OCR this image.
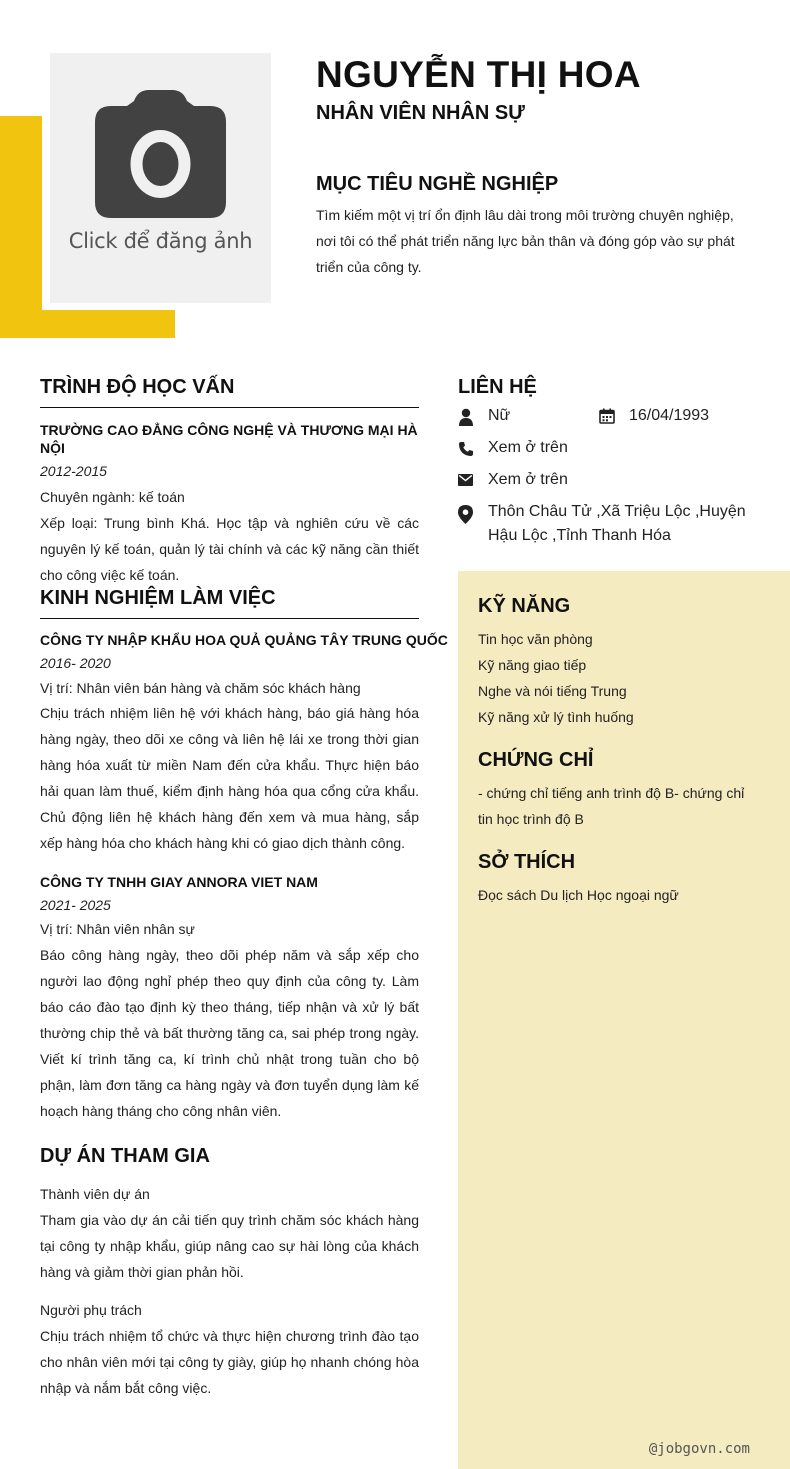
Click để đăng ảnh
NGUYỄN THỊ HOA
NHÂN VIÊN NHÂN SỰ
MỤC TIÊU NGHỀ NGHIỆP
Tìm kiếm một vị trí ổn định lâu dài trong môi trường chuyên nghiệp, nơi tôi có thể phát triển năng lực bản thân và đóng góp vào sự phát triển của công ty.
TRÌNH ĐỘ HỌC VẤN
TRƯỜNG CAO ĐẲNG CÔNG NGHỆ VÀ THƯƠNG MẠI HÀ NỘI
2012-2015
Chuyên ngành: kế toán
Xếp loại: Trung bình Khá. Học tập và nghiên cứu về các nguyên lý kế toán, quản lý tài chính và các kỹ năng cần thiết cho công việc kế toán.
KINH NGHIỆM LÀM VIỆC
CÔNG TY NHẬP KHẨU HOA QUẢ QUẢNG TÂY TRUNG QUỐC
2016- 2020
Vị trí: Nhân viên bán hàng và chăm sóc khách hàng
Chịu trách nhiệm liên hệ với khách hàng, báo giá hàng hóa hàng ngày, theo dõi xe công và liên hệ lái xe trong thời gian hàng hóa xuất từ miền Nam đến cửa khẩu. Thực hiện báo hải quan làm thuế, kiểm định hàng hóa qua cổng cửa khẩu. Chủ động liên hệ khách hàng đến xem và mua hàng, sắp xếp hàng hóa cho khách hàng khi có giao dịch thành công.
CÔNG TY TNHH GIAY ANNORA VIET NAM
2021- 2025
Vị trí: Nhân viên nhân sự
Báo công hàng ngày, theo dõi phép năm và sắp xếp cho người lao động nghỉ phép theo quy định của công ty. Làm báo cáo đào tạo định kỳ theo tháng, tiếp nhận và xử lý bất thường chip thẻ và bất thường tăng ca, sai phép trong ngày. Viết kí trình tăng ca, kí trình chủ nhật trong tuần cho bộ phận, làm đơn tăng ca hàng ngày và đơn tuyển dụng làm kế hoạch hàng tháng cho công nhân viên.
DỰ ÁN THAM GIA
Thành viên dự án
Tham gia vào dự án cải tiến quy trình chăm sóc khách hàng tại công ty nhập khẩu, giúp nâng cao sự hài lòng của khách hàng và giảm thời gian phản hồi.
Người phụ trách
Chịu trách nhiệm tổ chức và thực hiện chương trình đào tạo cho nhân viên mới tại công ty giày, giúp họ nhanh chóng hòa nhập và nắm bắt công việc.
LIÊN HỆ
Nữ	16/04/1993
Xem ở trên
Xem ở trên
Thôn Châu Tử ,Xã Triệu Lộc ,Huyện Hậu Lộc ,Tỉnh Thanh Hóa
KỸ NĂNG
Tin học văn phòng
Kỹ năng giao tiếp
Nghe và nói tiếng Trung
Kỹ năng xử lý tình huống
CHỨNG CHỈ
- chứng chỉ tiếng anh trình độ B- chứng chỉ tin học trình độ B
SỞ THÍCH
Đọc sách Du lịch Học ngoại ngữ
@jobgovn.com
